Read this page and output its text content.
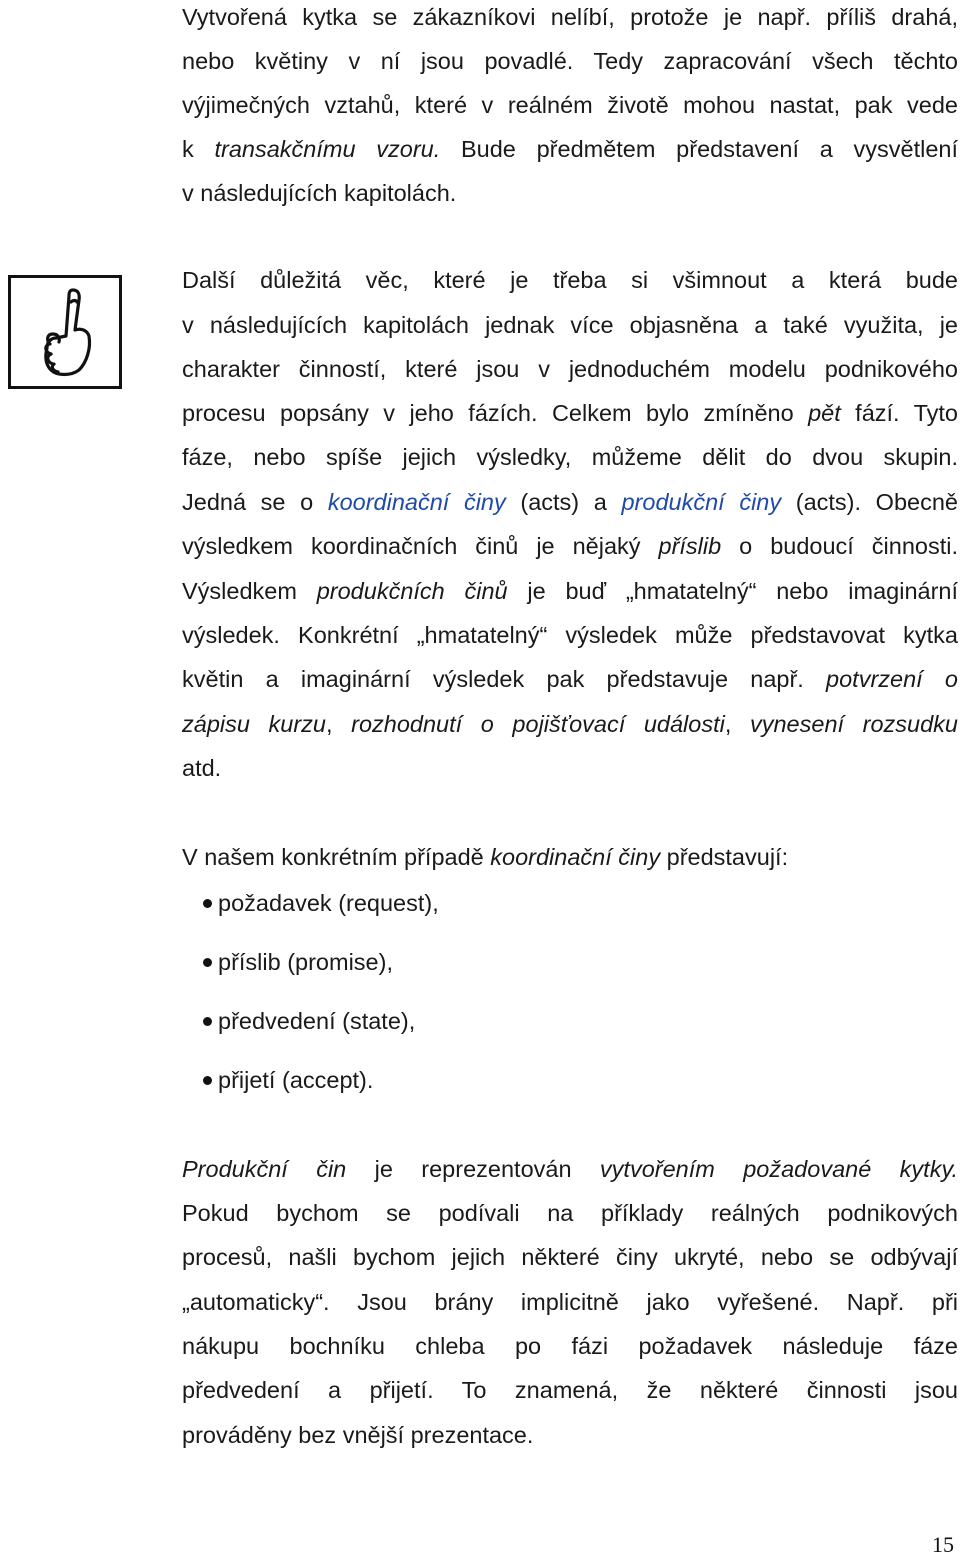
Vytvořená kytka se zákazníkovi nelíbí, protože je např. příliš drahá,
nebo květiny v ní jsou povadlé. Tedy zapracování všech těchto
výjimečných vztahů, které v reálném životě mohou nastat, pak vede
k transakčnímu vzoru. Bude předmětem představení a vysvětlení
v následujících kapitolách.
Další důležitá věc, které je třeba si všimnout a která bude
v následujících kapitolách jednak více objasněna a také využita, je
charakter činností, které jsou v jednoduchém modelu podnikového
procesu popsány v jeho fázích. Celkem bylo zmíněno pět fází. Tyto
fáze, nebo spíše jejich výsledky, můžeme dělit do dvou skupin.
Jedná se o koordinační činy (acts) a produkční činy (acts). Obecně
výsledkem koordinačních činů je nějaký příslib o budoucí činnosti.
Výsledkem produkčních činů je buď „hmatatelný“ nebo imaginární
výsledek. Konkrétní „hmatatelný“ výsledek může představovat kytka
květin a imaginární výsledek pak představuje např. potvrzení o
zápisu kurzu, rozhodnutí o pojišťovací události, vynesení rozsudku
atd.
V našem konkrétním případě koordinační činy představují:
požadavek (request),
příslib (promise),
předvedení (state),
přijetí (accept).
Produkční čin je reprezentován vytvořením požadované kytky.
Pokud bychom se podívali na příklady reálných podnikových
procesů, našli bychom jejich některé činy ukryté, nebo se odbývají
„automaticky“. Jsou brány implicitně jako vyřešené. Např. při
nákupu bochníku chleba po fázi požadavek následuje fáze
předvedení a přijetí. To znamená, že některé činnosti jsou
prováděny bez vnější prezentace.
15
